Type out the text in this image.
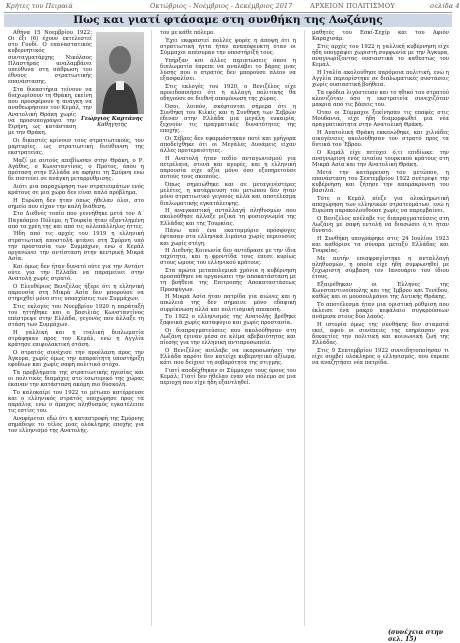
Κρήτες του Πειραιά	Οκτώβριος - Νοέμβριος - Δεκέμβριος 2017	ΑΡΧΕΙΟΝ ΠΟΛΙΤΙΣΜΟΥ	σελίδα 4
Πως και γιατί φτάσαμε στη συνθήκη της Λωζάνης
Γεώργιος Καρτάνης
Καθηγητής

Αθήνα 15 Νοεμβρίου 1922: Οι έξι (6) έχουν εκτελεστεί στο Γουδί. Ο επαναστατικός κυβερνητικός συνταγματάρχης Νικόλαος Πλαστήρας αναλαμβάνει υπεύθυνα στη σάθρωση του έθνους στρατιωτικής επανάστασης.

Στα δικαστήρια τείνουν να διαχωρίσουν τη Θράκη, εκείνη που προσφέρουν η ανάγκη να αναθεωρήσουν τον Κεμάλ, την Ανατολική Θράκη χωρίς να προσυπογράψει την Ειρήνη, ως κατάσταση με την Θράκη.

Οι δικαστές κρίνουν τους στρατιωτικούς, τον μαρτυρίες, ως στρατιωτική διεύθυνση της εκστρατείας.

Μαζί με αυτούς απεβίωσαν στην Θράκη, ο Ρ. Αγάθος, ο Κωνσταντίνος, ο Πρότος, όπου η πρόταση στην Ελλάδα να αφήσει τη Σμύρνη ενώ δε πιστεύει σε ανάγκη μεταρρύθμισης.

Διότι μια παραχώρηση των στρατευμάτων ενός κράτους σε μια χώρα δεν είναι απλό πρόβλημα.

Η Ευρώπη δεν ήταν όπως ήθελαν όλοι, στο σημείο που είχαν την καλή διάθεση.

Στο Διεθνές τοπίο που γεννήθηκε μετά τον Α΄ Παγκόσμιο Πόλεμο, η Τουρκία ήταν εξαντλημένη από τα χρέη της και από τις αλλεπάλληλες ήττες.

Ήδη από τις αρχές του 1919 η ελληνική στρατιωτική αποστολή φτάνει στη Σμύρνη υπό την προστασία των Συμμάχων, ενώ ο Κεμάλ οργανώνει την αντίσταση στην κεντρική Μικρά Ασία.

Και όμως δεν ήταν δυνατό ούτε για την Αντάντ ούτε για την Ελλάδα να παραμείνει στην Ανατολή χωρίς στρατό.

Ο Ελευθέριος Βενιζέλος ήξερε ότι η ελληνική παρουσία στη Μικρά Ασία δεν μπορούσε να στηριχθεί μόνο στις υποσχέσεις των Συμμάχων.

Στις εκλογές του Νοεμβρίου 1920 η παράταξή του ηττήθηκε και ο βασιλιάς Κωνσταντίνος επέστρεψε στην Ελλάδα, γεγονός που άλλαξε τη στάση των Συμμάχων.

Η γαλλική και η ιταλική διπλωματία στράφηκαν προς τον Κεμάλ, ενώ η Αγγλία κράτησε επιφυλακτική στάση.

Ο στρατός συνέχισε την προέλαση προς την Άγκυρα, χωρίς όμως την απαραίτητη υποστήριξη εφοδίων και χωρίς σαφή πολιτικό στόχο.

Τα προβλήματα της στρατιωτικής ηγεσίας και οι πολιτικές διαμάχες στο εσωτερικό της χώρας έκαναν την κατάσταση ακόμη πιο δύσκολη.

Το καλοκαίρι του 1922 το μέτωπο κατέρρευσε και ο ελληνικός στρατός υποχώρησε προς τα παράλια, ενώ ο άμαχος πληθυσμός εγκατέλειπε τις εστίες του.

Αναφέρεται εδώ ότι η καταστροφή της Σμύρνης σημάδεψε το τέλος μιας ολόκληρης εποχής για τον ελληνισμό της Ανατολής.

του με κάθε πόλεμο.

Έχει εκφραστεί πολλές φορές η άποψη ότι η στρατιωτική ήττα ήταν αναπόφευκτη όταν οι Σύμμαχοι απέσυραν την υποστήριξή τους.

Υπήρξαν και άλλες περιπτώσεις όπου η διπλωματία έπρεπε να αναλάβει το βάρος μιας λύσης που ο στρατός δεν μπορούσε πλέον να εξασφαλίσει.

Στις εκλογές του 1920, ο Βενιζέλος είχε προειδοποιήσει ότι η αλλαγή πολιτικής θα οδηγούσε σε διεθνή απομόνωση της χώρας.

Όσοι, λοιπόν, σκέφτονται σήμερα ότι η Συνθήκη του Κιλκίς και η Συνθήκη των Σεβρών έδιναν στην Ελλάδα μια μεγάλη ευκαιρία, ξεχνούν τις πραγματικές δυνατότητες της εποχής.

Οι Σέβρες δεν εφαρμόστηκαν ποτέ και γρήγορα αποδείχθηκε ότι οι Μεγάλες Δυνάμεις είχαν άλλες προτεραιότητες.

Η Ανατολή ήταν πεδίο ανταγωνισμού για πετρέλαια, στενά και αγορές, και η ελληνική παρουσία είχε αξία μόνο όσο εξυπηρετούσε αυτούς τους σκοπούς.

Όπως σημειώθηκε και σε μεταγενέστερες μελέτες, η κατάρρευση του μετώπου δεν ήταν μόνο στρατιωτικό γεγονός αλλά και αποτέλεσμα διπλωματικής εγκατάλειψης.

Η αναγκαστική ανταλλαγή πληθυσμών που ακολούθησε άλλαξε ριζικά τη φυσιογνωμία της Ελλάδας και της Τουρκίας.

Πάνω από ένα εκατομμύριο πρόσφυγες έφτασαν στα ελληνικά λιμάνια χωρίς περιουσίες και χωρίς στέγη.

Η Διεθνής Κοινωνία δεν αντέδρασε με την ίδια ταχύτητα, και η φροντίδα τους έπεσε κυρίως στους ώμους του ελληνικού κράτους.

Στα πρώτα μεταπολεμικά χρόνια η κυβέρνηση προσπάθησε να οργανώσει την αποκατάσταση με τη βοήθεια της Επιτροπής Αποκαταστάσεως Προσφύγων.

Η Μικρά Ασία ήταν πατρίδα για αιώνες και η απώλειά της δεν σήμαινε μόνο εδαφική συρρίκνωση αλλά και πολιτισμική αποκοπή.

Το 1922 ο ελληνισμός της Ανατολής βρέθηκε ξαφνικά χωρίς καταφύγιο και χωρίς προστασία.

Οι διαπραγματεύσεις που ακολούθησαν στη Λωζάνη έγιναν μέσα σε κλίμα αβεβαιότητας και πίεσης για την ελληνική αντιπροσωπεία.

Ο Βενιζέλος ανέλαβε να εκπροσωπήσει την Ελλάδα παρότι δεν κατείχε κυβερνητικό αξίωμα, κάτι που δείχνει τη σοβαρότητα της στιγμής.

Γιατί αποδέχθηκαν οι Σύμμαχοι τους όρους του Κεμάλ; Γιατί δεν ήθελαν έναν νέο πόλεμο σε μια περιοχή που είχε ήδη εξαντληθεί.

μαθητές του Εσκί-Σεχίρ και του Αφιόν Καραχισάρ.

Στις αρχές του 1922 η γαλλική κυβέρνηση είχε ήδη υπογράψει χωριστή συμφωνία με την Άγκυρα, αναγνωρίζοντας ουσιαστικά το καθεστώς του Κεμάλ.

Η Ιταλία ακολούθησε παρόμοια πολιτική, ενώ η Αγγλία περιορίστηκε σε διπλωματικές συστάσεις χωρίς ουσιαστική βοήθεια.

Τα εφόδια λιγόστευαν και το ηθικό του στρατού κλονιζόταν όσο η εκστρατεία συνεχιζόταν μακριά από τις βάσεις του.

Όταν οι Σύμμαχοι ξεκίνησαν τις επαφές στις Μουδανιά, είχε ήδη διαμορφωθεί μια νέα πραγματικότητα στην Ανατολική Θράκη.

Η Ανατολική Θράκη εκκενώθηκε, και χιλιάδες οικογένειες ακολούθησαν τον στρατό προς τα δυτικά του Έβρου.

Ο Κεμάλ είχε πετύχει ό,τι επιδίωκε: την αναγνώριση ενός ενιαίου τουρκικού κράτους στη Μικρά Ασία και την Ανατολική Θράκη.

Μετά την κατάρρευση του μετώπου, η επανάσταση του Σεπτεμβρίου 1922 ανέτρεψε την κυβέρνηση και ζήτησε την απομάκρυνση του βασιλιά.

Τότε ο Κεμάλ πίεζε για ολοκληρωτική αποχώρηση των ελληνικών στρατευμάτων, ενώ η Ευρώπη παρακολουθούσε χωρίς να παρεμβαίνει.

Ο Βενιζέλος ανέλαβε τις διαπραγματεύσεις στη Λωζάνη με σαφή εντολή να διασώσει ό,τι ήταν δυνατό.

Η Συνθήκη υπογράφηκε στις 24 Ιουλίου 1923 και καθόρισε τα σύνορα μεταξύ Ελλάδας και Τουρκίας.

Με αυτήν επισφραγίστηκε η ανταλλαγή πληθυσμών, η οποία είχε ήδη συμφωνηθεί με ξεχωριστή σύμβαση τον Ιανουάριο του ίδιου έτους.

Εξαιρέθηκαν οι Έλληνες της Κωνσταντινούπολης και της Ίμβρου και Τενέδου, καθώς και οι μουσουλμάνοι της Δυτικής Θράκης.

Το αποτέλεσμα ήταν μια οριστική ρύθμιση που έκλεισε ένα μακρύ κεφάλαιο συγκρούσεων ανάμεσα στους δύο λαούς.

Η ιστορία όμως της συνθήκης δεν σταματά εκεί, αφού οι συνέπειές της επηρέασαν για δεκαετίες την πολιτική και κοινωνική ζωή της Ελλάδας.

Στις 9 Σεπτεμβρίου 1922 συνειδητοποίησαν τι είχε συμβεί ολόκληρος ο ελληνισμός, που έπρεπε να αναζητήσει νέα πατρίδα.

(συνέχεια στην σελ. 15)
